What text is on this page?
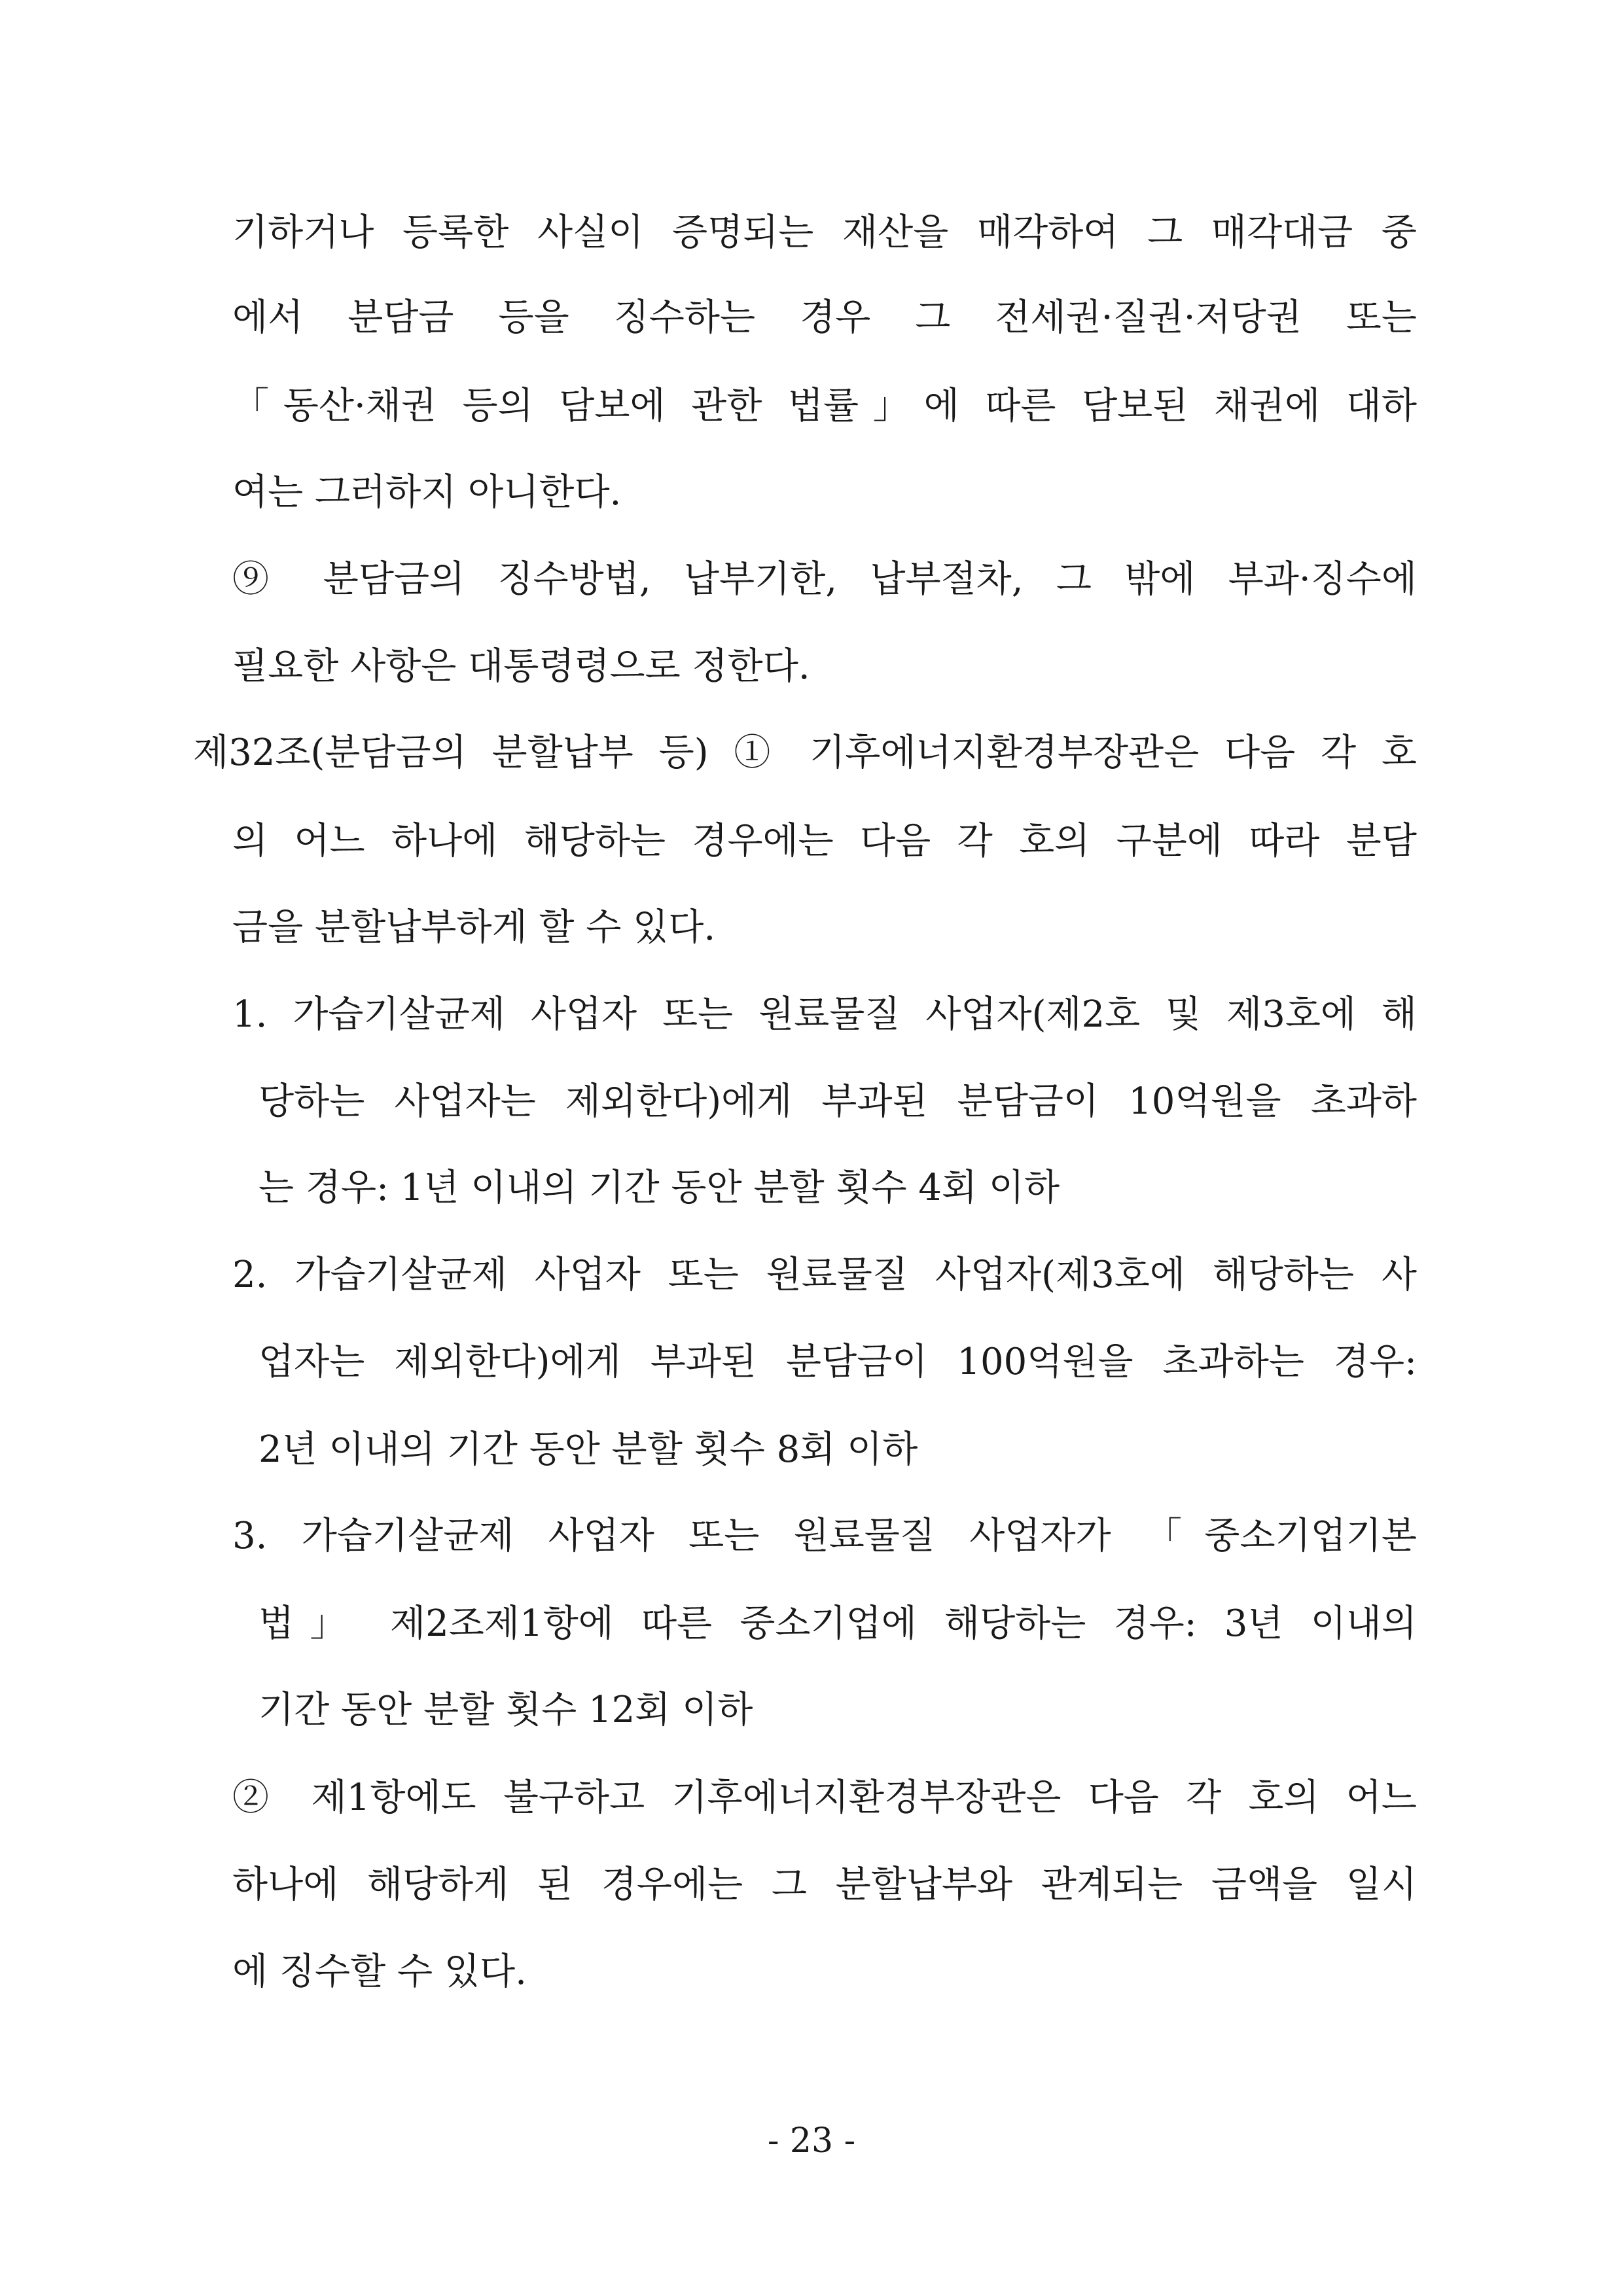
기하거나 등록한 사실이 증명되는 재산을 매각하여 그 매각대금 중
에서 분담금 등을 징수하는 경우 그 전세권·질권·저당권 또는
「동산·채권 등의 담보에 관한 법률」에 따른 담보된 채권에 대하
여는 그러하지 아니한다.
⑨ 분담금의 징수방법, 납부기한, 납부절차, 그 밖에 부과·징수에
필요한 사항은 대통령령으로 정한다.
제32조(분담금의 분할납부 등) ① 기후에너지환경부장관은 다음 각 호
의 어느 하나에 해당하는 경우에는 다음 각 호의 구분에 따라 분담
금을 분할납부하게 할 수 있다.
1. 가습기살균제 사업자 또는 원료물질 사업자(제2호 및 제3호에 해
당하는 사업자는 제외한다)에게 부과된 분담금이 10억원을 초과하
는 경우: 1년 이내의 기간 동안 분할 횟수 4회 이하
2. 가습기살균제 사업자 또는 원료물질 사업자(제3호에 해당하는 사
업자는 제외한다)에게 부과된 분담금이 100억원을 초과하는 경우:
2년 이내의 기간 동안 분할 횟수 8회 이하
3. 가습기살균제 사업자 또는 원료물질 사업자가 「중소기업기본
법」 제2조제1항에 따른 중소기업에 해당하는 경우: 3년 이내의
기간 동안 분할 횟수 12회 이하
② 제1항에도 불구하고 기후에너지환경부장관은 다음 각 호의 어느
하나에 해당하게 된 경우에는 그 분할납부와 관계되는 금액을 일시
에 징수할 수 있다.
- 23 -
